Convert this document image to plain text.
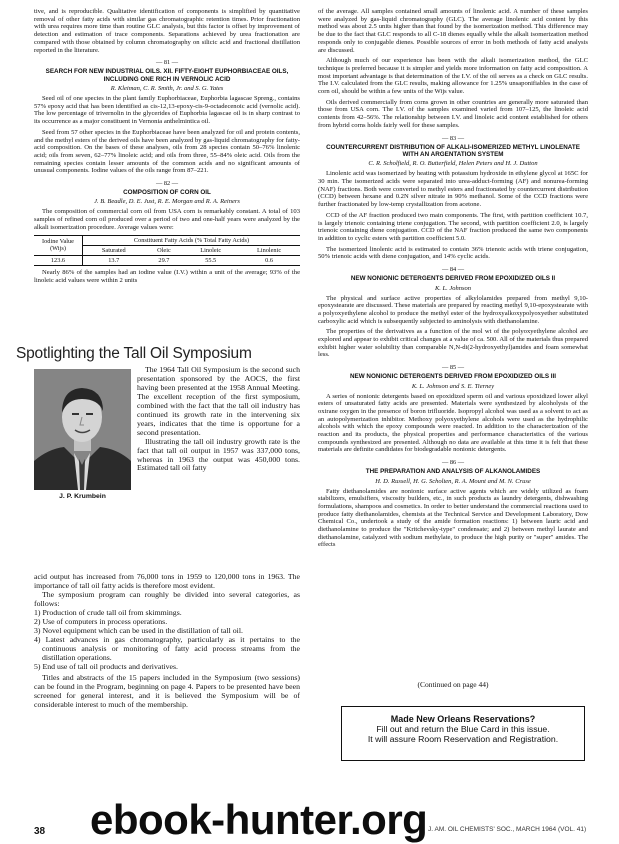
tive, and is reproducible. Qualitative identification of components is simplified by quantitative removal of other fatty acids with similar gas chromatographic retention times. Prior fractionation with urea requires more time than routine GLC analysis, but this factor is offset by improvement of detection and estimation of trace components. Separations achieved by urea fractionation are compared with those obtained by column chromatography on silicic acid and fractional distillation reported in the literature.

— 81 —
SEARCH FOR NEW INDUSTRIAL OILS. XII. FIFTY-EIGHT EUPHORBIACEAE OILS, INCLUDING ONE RICH IN VERNOLIC ACID
R. Kleiman, C. R. Smith, Jr. and S. G. Yates

Seed oil of one species in the plant family Euphorbiaceae, Euphorbia lagascae Spreng., contains 57% epoxy acid that has been identified as cis-12,13-epoxy-cis-9-octadecenoic acid (vernolic acid). The low percentage of trivernolin in the glycerides of Euphorbia lagascae oil is in sharp contrast to its occurrence as a major constituent in Vernonia anthelmintica oil.

Seed from 57 other species in the Euphorbiaceae have been analyzed for oil and protein contents, and the methyl esters of the derived oils have been analyzed by gas-liquid chromatography for fatty-acid composition. On the bases of these analyses, oils from 28 species contain 50–76% linolenic acid; oils from seven, 62–77% linoleic acid; and oils from three, 55–84% oleic acid. Oils from the remaining species contain lesser amounts of the common acids and no significant amounts of unusual components. Iodine values of the oils range from 87–221.

— 82 —
COMPOSITION OF CORN OIL
J. B. Beadle, D. E. Just, R. E. Morgan and R. A. Reiners

The composition of commercial corn oil from USA corn is remarkably constant. A total of 103 samples of refined corn oil produced over a period of two and one-half years were analyzed by the alkali isomerization procedure. Average values were:

Iodine Value (Wijs)	Constituent Fatty Acids (% Total Fatty Acids)			
	Saturated	Oleic	Linoleic	Linolenic
123.6	13.7	29.7	55.5	0.6

Nearly 86% of the samples had an iodine value (I.V.) within a unit of the average; 93% of the linoleic acid values were within 2 units

Spotlighting the Tall Oil Symposium
J. P. Krumbein

The 1964 Tall Oil Symposium is the second such presentation sponsored by the AOCS, the first having been presented at the 1958 Annual Meeting. The excellent reception of the first symposium, combined with the fact that the tall oil industry has continued its growth rate in the intervening six years, indicates that the time is opportune for a second presentation.

Illustrating the tall oil industry growth rate is the fact that tall oil output in 1957 was 337,000 tons, whereas in 1963 the output was 450,000 tons. Estimated tall oil fatty

acid output has increased from 76,000 tons in 1959 to 120,000 tons in 1963. The importance of tall oil fatty acids is therefore most evident.

The symposium program can roughly be divided into several categories, as follows:

1) Production of crude tall oil from skimmings.

2) Use of computers in process operations.

3) Novel equipment which can be used in the distillation of tall oil.

4) Latest advances in gas chromatography, particularly as it pertains to the continuous analysis or monitoring of fatty acid process streams from the distillation operations.

5) End use of tall oil products and derivatives.

Titles and abstracts of the 15 papers included in the Symposium (two sessions) can be found in the Program, beginning on page 4. Papers to be presented have been screened for general interest, and it is believed the Symposium will be of considerable interest to much of the membership.

of the average. All samples contained small amounts of linolenic acid. A number of these samples were analyzed by gas-liquid chromatography (GLC). The average linolenic acid content by this method was about 2.5 units higher than that found by the isomerization method. This difference may be due to the fact that GLC responds to all C-18 dienes equally while the alkali isomerization method responds only to conjugable dienes. Possible sources of error in both methods of fatty acid analysis are discussed.

Although much of our experience has been with the alkali isomerization method, the GLC technique is preferred because it is simpler and yields more information on fatty acid composition. A most important advantage is that determination of the I.V. of the oil serves as a check on GLC results. The I.V. calculated from the GLC results, making allowance for 1.25% unsaponifiables in the case of corn oil, should be within a few units of the Wijs value.

Oils derived commercially from corns grown in other countries are generally more saturated than those from USA corn. The I.V. of the samples examined varied from 107–125, the linoleic acid contents from 42–56%. The relationship between I.V. and linoleic acid content established for others from hybrid corns holds fairly well for these samples.

— 83 —
COUNTERCURRENT DISTRIBUTION OF ALKALI-ISOMERIZED METHYL LINOLENATE WITH AN ARGENTATION SYSTEM
C. R. Scholfield, R. O. Butterfield, Helen Peters and H. J. Dutton

Linolenic acid was isomerized by heating with potassium hydroxide in ethylene glycol at 165C for 30 min. The isomerized acids were separated into urea-adduct-forming (AF) and nonurea-forming (NAF) fractions. Both were converted to methyl esters and fractionated by countercurrent distribution (CCD) between hexane and 0.2N silver nitrate in 90% methanol. Some of the CCD fractions were further fractionated by low-temp crystallization from acetone.

CCD of the AF fraction produced two main components. The first, with partition coefficient 10.7, is largely trienoic containing triene conjugation. The second, with partition coefficient 2.0, is largely trienoic containing diene conjugation. CCD of the NAF fraction produced the same two components in addition to cyclic esters with partition coefficient 5.0.

The isomerized linolenic acid is estimated to contain 36% trienoic acids with triene conjugation, 50% trienoic acids with diene conjugation, and 14% cyclic acids.

— 84 —
NEW NONIONIC DETERGENTS DERIVED FROM EPOXIDIZED OILS II
K. L. Johnson

The physical and surface active properties of alkylolamides prepared from methyl 9,10-epoxystearate are discussed. These materials are prepared by reacting methyl 9,10-epoxystearate with a polyoxyethylene alcohol to produce the methyl ester of the hydroxyalkoxypolyoxyether substituted carboxylic acid which is subsequently subjected to aminolysis with diethanolamine.

The properties of the derivatives as a function of the mol wt of the polyoxyethylene alcohol are explored and appear to exhibit critical changes at a value of ca. 500. All of the materials thus prepared exhibit higher water solubility than comparable N,N-di(2-hydroxyethyl)amides and foam somewhat less.

— 85 —
NEW NONIONIC DETERGENTS DERIVED FROM EPOXIDIZED OILS III
K. L. Johnson and S. E. Tierney

A series of nonionic detergents based on epoxidized sperm oil and various epoxidized lower alkyl esters of unsaturated fatty acids are presented. Materials were synthesized by alcoholysis of the oxirane oxygen in the presence of boron trifluoride. Isopropyl alcohol was used as a solvent to act as an autopolymerization inhibitor. Methoxy polyoxyethylene alcohols were used as the hydrophilic alcohols with which the epoxy compounds were reacted. In addition to the characterization of the reaction and its products, the physical properties and performance characteristics of the various compounds synthesized are presented. Although no data are available at this time it is felt that these materials are definite candidates for biodegradable nonionic detergents.

— 86 —
THE PREPARATION AND ANALYSIS OF ALKANOLAMIDES
H. D. Russell, H. G. Scholten, R. A. Mount and M. N. Cruse

Fatty diethanolamides are nonionic surface active agents which are widely utilized as foam stabilizers, emulsifiers, viscosity builders, etc., in such products as laundry detergents, dishwashing formulations, shampoos and cosmetics. In order to better understand the commercial reactions used to produce fatty diethanolamides, chemists at the Technical Service and Development Laboratory, Dow Chemical Co., undertook a study of the amide formation reactions: 1) between lauric acid and diethanolamine to produce the "Kritchevsky-type" condensate; and 2) between methyl laurate and diethanolamine, catalyzed with sodium methylate, to produce the high purity or "super" amides. The effects

(Continued on page 44)
Made New Orleans Reservations?
Fill out and return the Blue Card in this issue.
It will assure Room Reservation and Registration.
ebook-hunter.org
38	J. AM. OIL CHEMISTS' SOC., MARCH 1964 (VOL. 41)
